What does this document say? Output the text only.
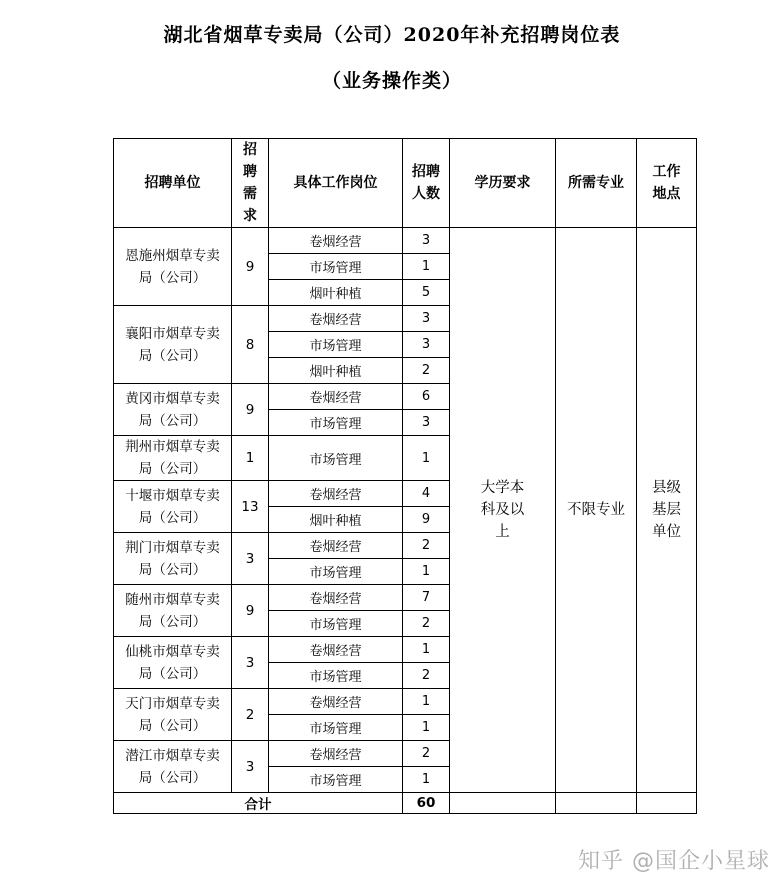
湖北省烟草专卖局（公司）2020年补充招聘岗位表
（业务操作类）
招聘单位	招聘需求	具体工作岗位	招聘人数	学历要求	所需专业	工作地点
恩施州烟草专卖局（公司）	9	卷烟经营	3	大学本科及以上	不限专业	县级基层单位
		市场管理	1			
		烟叶种植	5			
襄阳市烟草专卖局（公司）	8	卷烟经营	3			
		市场管理	3			
		烟叶种植	2			
黄冈市烟草专卖局（公司）	9	卷烟经营	6			
		市场管理	3			
荆州市烟草专卖局（公司）	1	市场管理	1			
十堰市烟草专卖局（公司）	13	卷烟经营	4			
		烟叶种植	9			
荆门市烟草专卖局（公司）	3	卷烟经营	2			
		市场管理	1			
随州市烟草专卖局（公司）	9	卷烟经营	7			
		市场管理	2			
仙桃市烟草专卖局（公司）	3	卷烟经营	1			
		市场管理	2			
天门市烟草专卖局（公司）	2	卷烟经营	1			
		市场管理	1			
潜江市烟草专卖局（公司）	3	卷烟经营	2			
		市场管理	1			
合计			60			
知乎 @国企小星球
